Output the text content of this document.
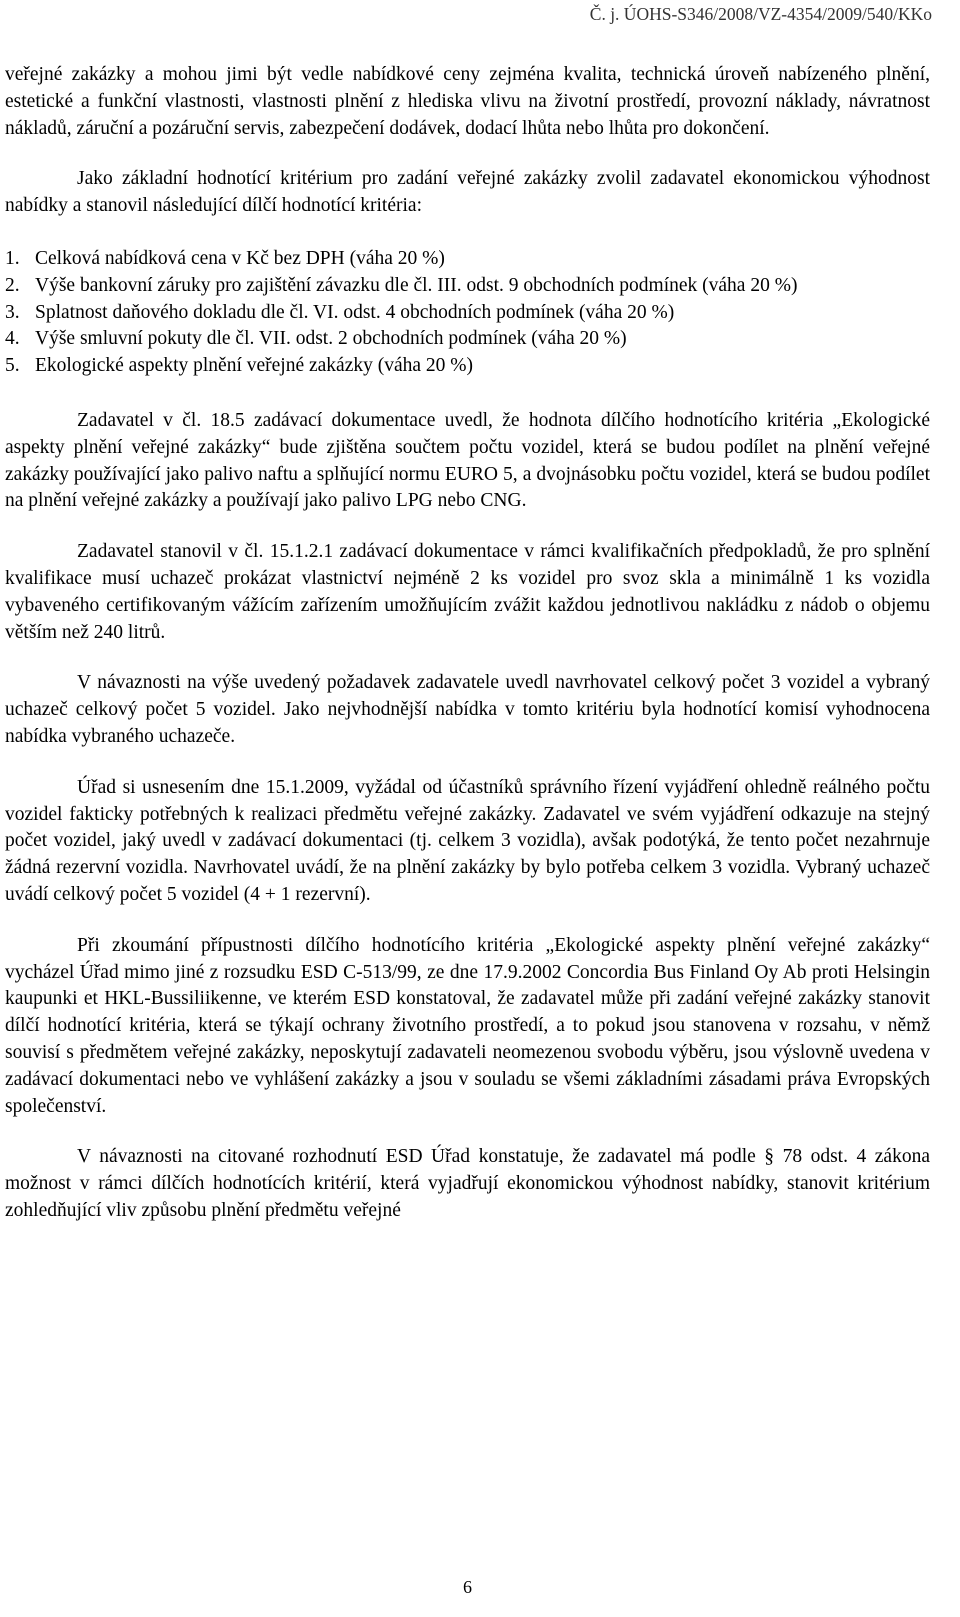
Č. j. ÚOHS-S346/2008/VZ-4354/2009/540/KKo

veřejné zakázky a mohou jimi být vedle nabídkové ceny zejména kvalita, technická úroveň nabízeného plnění, estetické a funkční vlastnosti, vlastnosti plnění z hlediska vlivu na životní prostředí, provozní náklady, návratnost nákladů, záruční a pozáruční servis, zabezpečení dodávek, dodací lhůta nebo lhůta pro dokončení.

Jako základní hodnotící kritérium pro zadání veřejné zakázky zvolil zadavatel ekonomickou výhodnost nabídky a stanovil následující dílčí hodnotící kritéria:

1. Celková nabídková cena v Kč bez DPH (váha 20 %)
2. Výše bankovní záruky pro zajištění závazku dle čl. III. odst. 9 obchodních podmínek (váha 20 %)
3. Splatnost daňového dokladu dle čl. VI. odst. 4 obchodních podmínek (váha 20 %)
4. Výše smluvní pokuty dle čl. VII. odst. 2 obchodních podmínek (váha 20 %)
5. Ekologické aspekty plnění veřejné zakázky (váha 20 %)

Zadavatel v čl. 18.5 zadávací dokumentace uvedl, že hodnota dílčího hodnotícího kritéria „Ekologické aspekty plnění veřejné zakázky“ bude zjištěna součtem počtu vozidel, která se budou podílet na plnění veřejné zakázky používající jako palivo naftu a splňující normu EURO 5, a dvojnásobku počtu vozidel, která se budou podílet na plnění veřejné zakázky a používají jako palivo LPG nebo CNG.

Zadavatel stanovil v čl. 15.1.2.1 zadávací dokumentace v rámci kvalifikačních předpokladů, že pro splnění kvalifikace musí uchazeč prokázat vlastnictví nejméně 2 ks vozidel pro svoz skla a minimálně 1 ks vozidla vybaveného certifikovaným vážícím zařízením umožňujícím zvážit každou jednotlivou nakládku z nádob o objemu větším než 240 litrů.

V návaznosti na výše uvedený požadavek zadavatele uvedl navrhovatel celkový počet 3 vozidel a vybraný uchazeč celkový počet 5 vozidel. Jako nejvhodnější nabídka v tomto kritériu byla hodnotící komisí vyhodnocena nabídka vybraného uchazeče.

Úřad si usnesením dne 15.1.2009, vyžádal od účastníků správního řízení vyjádření ohledně reálného počtu vozidel fakticky potřebných k realizaci předmětu veřejné zakázky. Zadavatel ve svém vyjádření odkazuje na stejný počet vozidel, jaký uvedl v zadávací dokumentaci (tj. celkem 3 vozidla), avšak podotýká, že tento počet nezahrnuje žádná rezervní vozidla. Navrhovatel uvádí, že na plnění zakázky by bylo potřeba celkem 3 vozidla. Vybraný uchazeč uvádí celkový počet 5 vozidel (4 + 1 rezervní).

Při zkoumání přípustnosti dílčího hodnotícího kritéria „Ekologické aspekty plnění veřejné zakázky“ vycházel Úřad mimo jiné z rozsudku ESD C-513/99, ze dne 17.9.2002 Concordia Bus Finland Oy Ab proti Helsingin kaupunki et HKL-Bussiliikenne, ve kterém ESD konstatoval, že zadavatel může při zadání veřejné zakázky stanovit dílčí hodnotící kritéria, která se týkají ochrany životního prostředí, a to pokud jsou stanovena v rozsahu, v němž souvisí s předmětem veřejné zakázky, neposkytují zadavateli neomezenou svobodu výběru, jsou výslovně uvedena v zadávací dokumentaci nebo ve vyhlášení zakázky a jsou v souladu se všemi základními zásadami práva Evropských společenství.

V návaznosti na citované rozhodnutí ESD Úřad konstatuje, že zadavatel má podle § 78 odst. 4 zákona možnost v rámci dílčích hodnotících kritérií, která vyjadřují ekonomickou výhodnost nabídky, stanovit kritérium zohledňující vliv způsobu plnění předmětu veřejné

6
